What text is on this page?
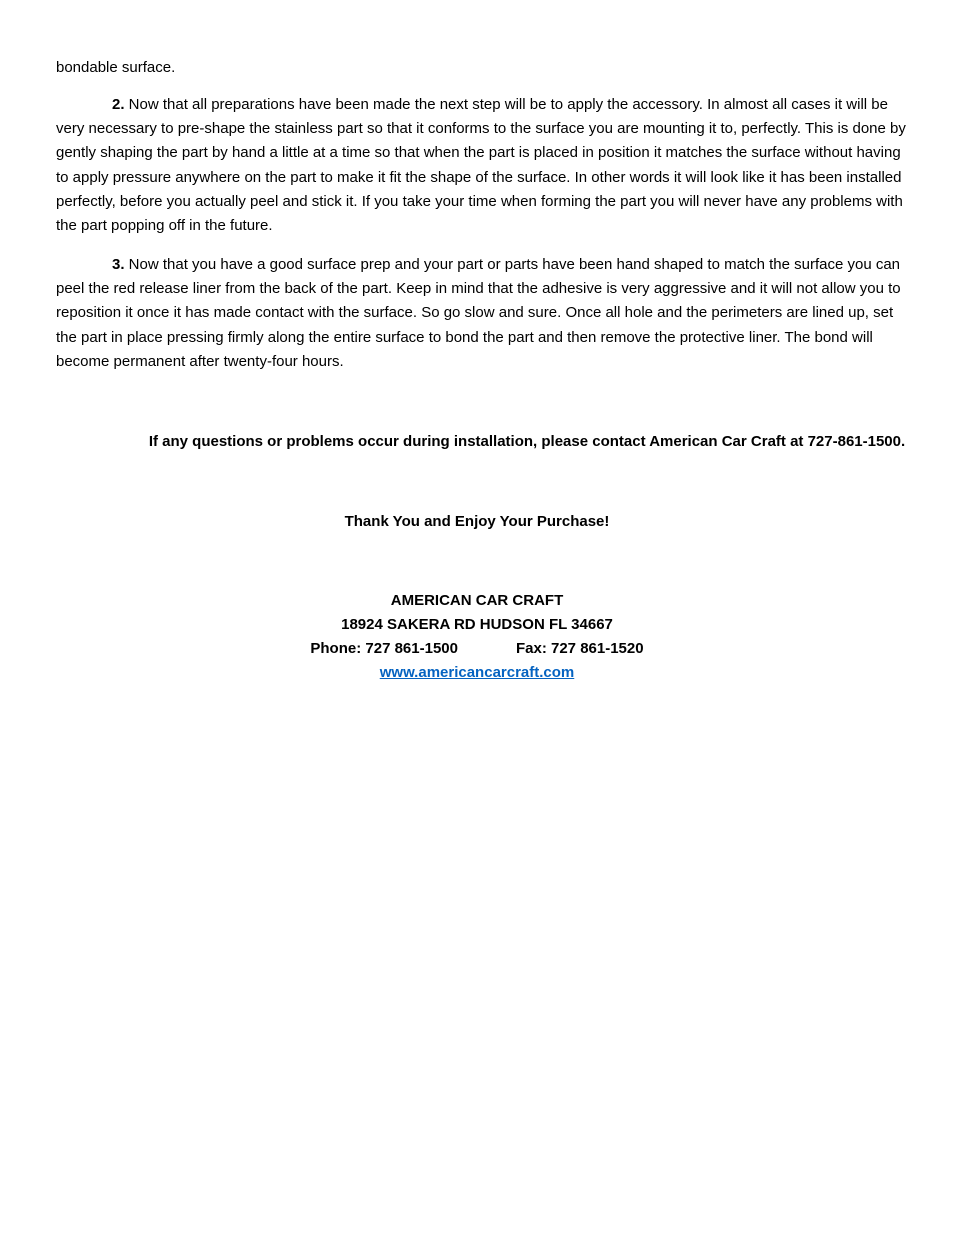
bondable surface.

2. Now that all preparations have been made the next step will be to apply the accessory. In almost all cases it will be very necessary to pre-shape the stainless part so that it conforms to the surface you are mounting it to, perfectly. This is done by gently shaping the part by hand a little at a time so that when the part is placed in position it matches the surface without having to apply pressure anywhere on the part to make it fit the shape of the surface. In other words it will look like it has been installed perfectly, before you actually peel and stick it. If you take your time when forming the part you will never have any problems with the part popping off in the future.

3. Now that you have a good surface prep and your part or parts have been hand shaped to match the surface you can peel the red release liner from the back of the part. Keep in mind that the adhesive is very aggressive and it will not allow you to reposition it once it has made contact with the surface. So go slow and sure. Once all hole and the perimeters are lined up, set the part in place pressing firmly along the entire surface to bond the part and then remove the protective liner. The bond will become permanent after twenty-four hours.

If any questions or problems occur during installation, please contact American Car Craft at 727-861-1500.
Thank You and Enjoy Your Purchase!
AMERICAN CAR CRAFT
18924 SAKERA RD HUDSON FL 34667
Phone: 727 861-1500	Fax: 727 861-1520
www.americancarcraft.com
